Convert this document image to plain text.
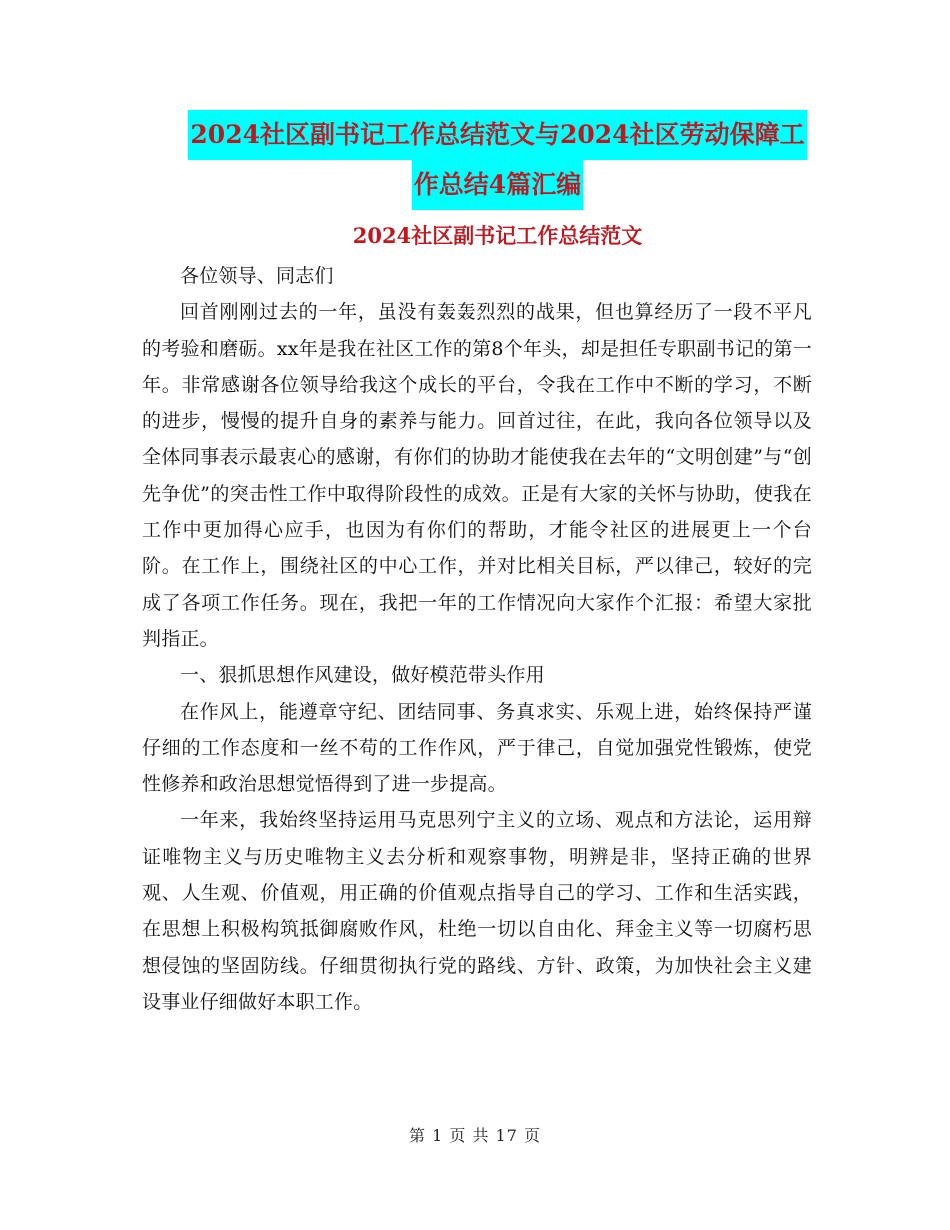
2024社区副书记工作总结范文与2024社区劳动保障工
作总结4篇汇编
2024社区副书记工作总结范文

各位领导、同志们

回首刚刚过去的一年，虽没有轰轰烈烈的战果，但也算经历了一段不平凡的考验和磨砺。xx年是我在社区工作的第8个年头，却是担任专职副书记的第一年。非常感谢各位领导给我这个成长的平台，令我在工作中不断的学习，不断的进步，慢慢的提升自身的素养与能力。回首过往，在此，我向各位领导以及全体同事表示最衷心的感谢，有你们的协助才能使我在去年的“文明创建”与“创先争优”的突击性工作中取得阶段性的成效。正是有大家的关怀与协助，使我在工作中更加得心应手，也因为有你们的帮助，才能令社区的进展更上一个台阶。在工作上，围绕社区的中心工作，并对比相关目标，严以律己，较好的完成了各项工作任务。现在，我把一年的工作情况向大家作个汇报：希望大家批判指正。

一、狠抓思想作风建设，做好模范带头作用

在作风上，能遵章守纪、团结同事、务真求实、乐观上进，始终保持严谨仔细的工作态度和一丝不苟的工作作风，严于律己，自觉加强党性锻炼，使党性修养和政治思想觉悟得到了进一步提高。

一年来，我始终坚持运用马克思列宁主义的立场、观点和方法论，运用辩证唯物主义与历史唯物主义去分析和观察事物，明辨是非，坚持正确的世界观、人生观、价值观，用正确的价值观点指导自己的学习、工作和生活实践，在思想上积极构筑抵御腐败作风，杜绝一切以自由化、拜金主义等一切腐朽思想侵蚀的坚固防线。仔细贯彻执行党的路线、方针、政策，为加快社会主义建设事业仔细做好本职工作。

第 1 页 共 17 页
